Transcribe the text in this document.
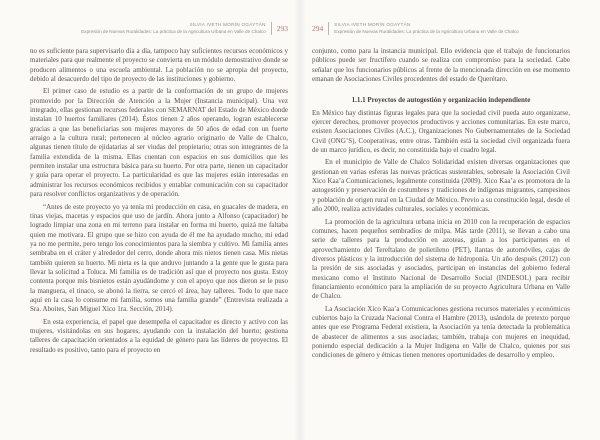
SILVIA IVETH MORÍN OGAYTÁN
Expresión de Nuevas Ruralidades: La práctica de la Agricultura Urbana en Valle de Chalco 293

no es suficiente para supervisarlo día a día, tampoco hay suficientes recursos económicos y materiales para que realmente el proyecto se convierta en un módulo demostrativo donde se producen alimentos o una escuela ambiental. La población no se apropia del proyecto, debido al desacuerdo del tipo de proyecto de las instituciones y gobierno.

El primer caso de estudio es a partir de la conformación de un grupo de mujeres promovido por la Dirección de Atención a la Mujer (Instancia municipal). Una vez integrado, ellas gestionan recursos federales con SEMARNAT del Estado de México donde instalan 10 huertos familiares (2014). Éstos tienen 2 años operando, logran establecerse gracias a que las beneficiarias son mujeres mayores de 50 años de edad con un fuerte arraigo a la cultura rural; pertenecen al núcleo agrario originario de Valle de Chalco, algunas tienen título de ejidatarias al ser viudas del propietario; otras son integrantes de la familia extendida de la misma. Ellas cuentan con espacios en sus domicilios que les permiten instalar una estructura básica para su huerto. Por otra parte, tienen un capacitador y guía para operar el proyecto. La particularidad es que las mujeres están interesadas en administrar los recursos económicos recibidos y entablar comunicación con su capacitador para resolver conflictos organizativos y de operación.

“Antes de este proyecto yo ya tenía mi producción en casa, en guacales de madera, en tinas viejas, macetas y espacios que uso de jardín. Ahora junto a Alfonso (capacitador) he logrado limpiar una zona en mi terreno para instalar en forma mi huerto, quizá me faltaba quien me motivara. El grupo que se hizo con ayuda de él me ha ayudado mucho, mi edad ya no me permite, pero tengo los conocimientos para la siembra y cultivo. Mi familia antes sembraba en el cráter y alrededor del cerro, donde ahora mis nietos tienen casa. Mis nietas también quieren su huerto. Mi nieta es la que anduvo juntando a la gente que le gusta para llevar la solicitud a Toluca. Mi familia es de tradición así que el proyecto nos gusta. Estoy contenta porque mis bisnietos están ayudándome y con el apoyo que nos dieron se le puso la manguera, el tinaco, se abonó la tierra, se cercó el área, hay talleres. Todo lo que nace aquí en la casa lo consume mi familia, somos una familia grande” (Entrevista realizada a Sra. Aboites, San Miguel Xico 1ra. Sección, 2014).

En esta experiencia, el papel que desempeña el capacitador es directo y activo con las mujeres, visitándolas en sus hogares, ayudando con la instalación del huerto; gestiona talleres de capacitación orientados a la equidad de género para las líderes de proyectos. El resultado es positivo, tanto para el proyecto en

294 SILVIA IVETH MORÍN OGAYTÁN
Expresión de Nuevas Ruralidades: La práctica de la Agricultura Urbana en Valle de Chalco

conjunto, como para la instancia municipal. Ello evidencia que el trabajo de funcionarios públicos puede ser fructífero cuando se realiza con compromiso para la sociedad. Cabe señalar que los funcionarios públicos al frente de la mencionada dirección en ese momento emanan de Asociaciones Civiles procedentes del estado de Querétaro.

1.1.1 Proyectos de autogestión y organización independiente

En México hay distintas figuras legales para que la sociedad civil pueda auto organizarse, ejercer derechos, promover proyectos productivos y acciones comunitarias. En este marco, existen Asociaciones Civiles (A.C.), Organizaciones No Gubernamentales de la Sociedad Civil (ONG’S), Cooperativas, entre otras. También está la sociedad civil organizada fuera de un marco jurídico, es decir, no constituida bajo el cuadro legal.

En el municipio de Valle de Chalco Solidaridad existen diversas organizaciones que gestionan en varias esferas las nuevas prácticas sustentables, sobresale la Asociación Civil Xico Kaa’a Comunicaciones, legalmente constituida (2009). Xico Kaa’a es promotora de la autogestión y preservación de costumbres y tradiciones de indígenas migrantes, campesinos y población de origen rural en la Ciudad de México. Previo a su constitución legal, desde el año 2000, realiza actividades culturales, sociales y económicas.

La promoción de la agricultura urbana inicia en 2010 con la recuperación de espacios comunes, hacen pequeños sembradíos de milpa. Más tarde (2011), se llevan a cabo una serie de talleres para la producción en azoteas, guían a los participantes en el aprovechamiento del Tereftalato de polietileno (PET), llantas de automóviles, cajas de diversos plásticos y la introducción del sistema de hidroponía. Un año después (2012) con la presión de sus asociadas y asociados, participan en instancias del gobierno federal mexicano como el Instituto Nacional de Desarrollo Social (INDESOL) para recibir financiamiento económico para la ampliación de su proyecto Agricultura Urbana en Valle de Chalco.

La Asociación Xico Kaa’a Comunicaciones gestiona recursos materiales y económicos cubiertos bajo la Cruzada Nacional Contra el Hambre (2013), usándola de pretexto porque antes que ese Programa Federal existiera, la Asociación ya tenía detectada la problemática de abastecer de alimentos a sus asociadas; también, trabaja con mujeres en inequidad, poniendo especial dedicación a la Mujer Indígena en Valle de Chalco, quienes por sus condiciones de género y étnicas tienen menores oportunidades de desarrollo y empleo.
